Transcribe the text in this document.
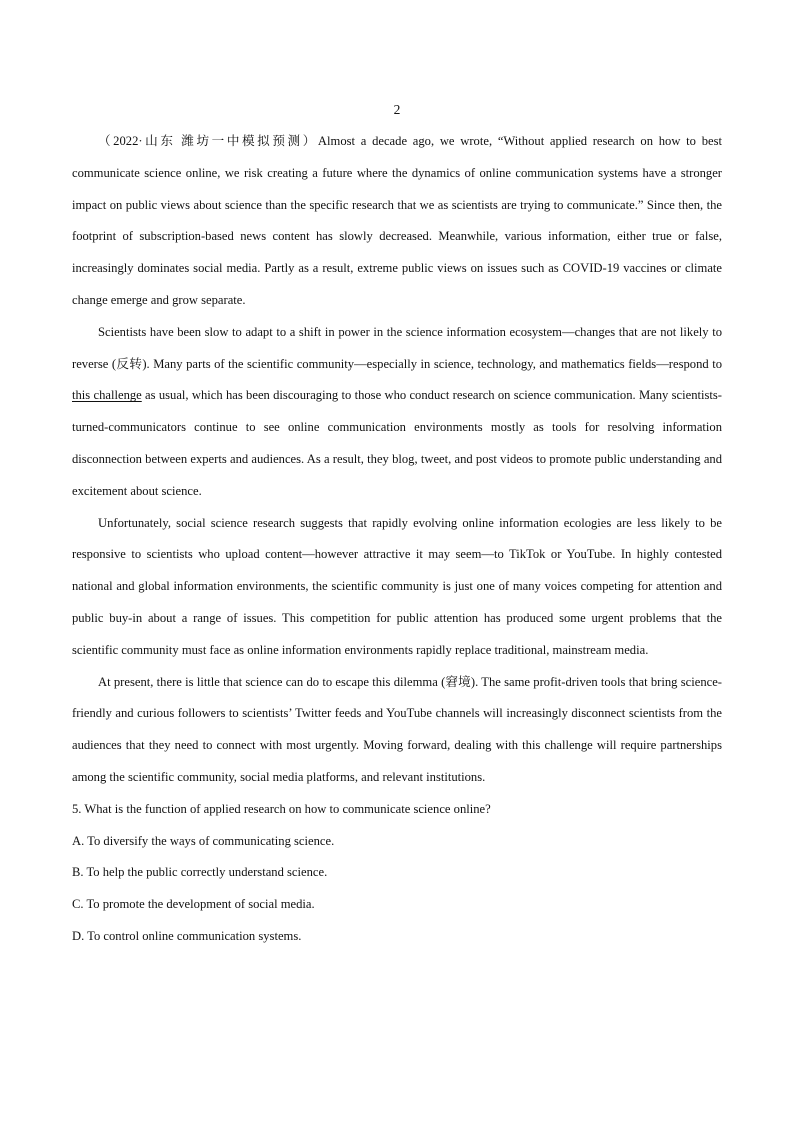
2

（2022·山东 潍坊一中模拟预测）Almost a decade ago, we wrote, “Without applied research on how to best communicate science online, we risk creating a future where the dynamics of online communication systems have a stronger impact on public views about science than the specific research that we as scientists are trying to communicate.” Since then, the footprint of subscription-based news content has slowly decreased. Meanwhile, various information, either true or false, increasingly dominates social media. Partly as a result, extreme public views on issues such as COVID-19 vaccines or climate change emerge and grow separate.

Scientists have been slow to adapt to a shift in power in the science information ecosystem—changes that are not likely to reverse (反转). Many parts of the scientific community—especially in science, technology, and mathematics fields—respond to this challenge as usual, which has been discouraging to those who conduct research on science communication. Many scientists-turned-communicators continue to see online communication environments mostly as tools for resolving information disconnection between experts and audiences. As a result, they blog, tweet, and post videos to promote public understanding and excitement about science.

Unfortunately, social science research suggests that rapidly evolving online information ecologies are less likely to be responsive to scientists who upload content—however attractive it may seem—to TikTok or YouTube. In highly contested national and global information environments, the scientific community is just one of many voices competing for attention and public buy-in about a range of issues. This competition for public attention has produced some urgent problems that the scientific community must face as online information environments rapidly replace traditional, mainstream media.

At present, there is little that science can do to escape this dilemma (窘境). The same profit-driven tools that bring science-friendly and curious followers to scientists’ Twitter feeds and YouTube channels will increasingly disconnect scientists from the audiences that they need to connect with most urgently. Moving forward, dealing with this challenge will require partnerships among the scientific community, social media platforms, and relevant institutions.

5. What is the function of applied research on how to communicate science online?
A. To diversify the ways of communicating science.
B. To help the public correctly understand science.
C. To promote the development of social media.
D. To control online communication systems.
